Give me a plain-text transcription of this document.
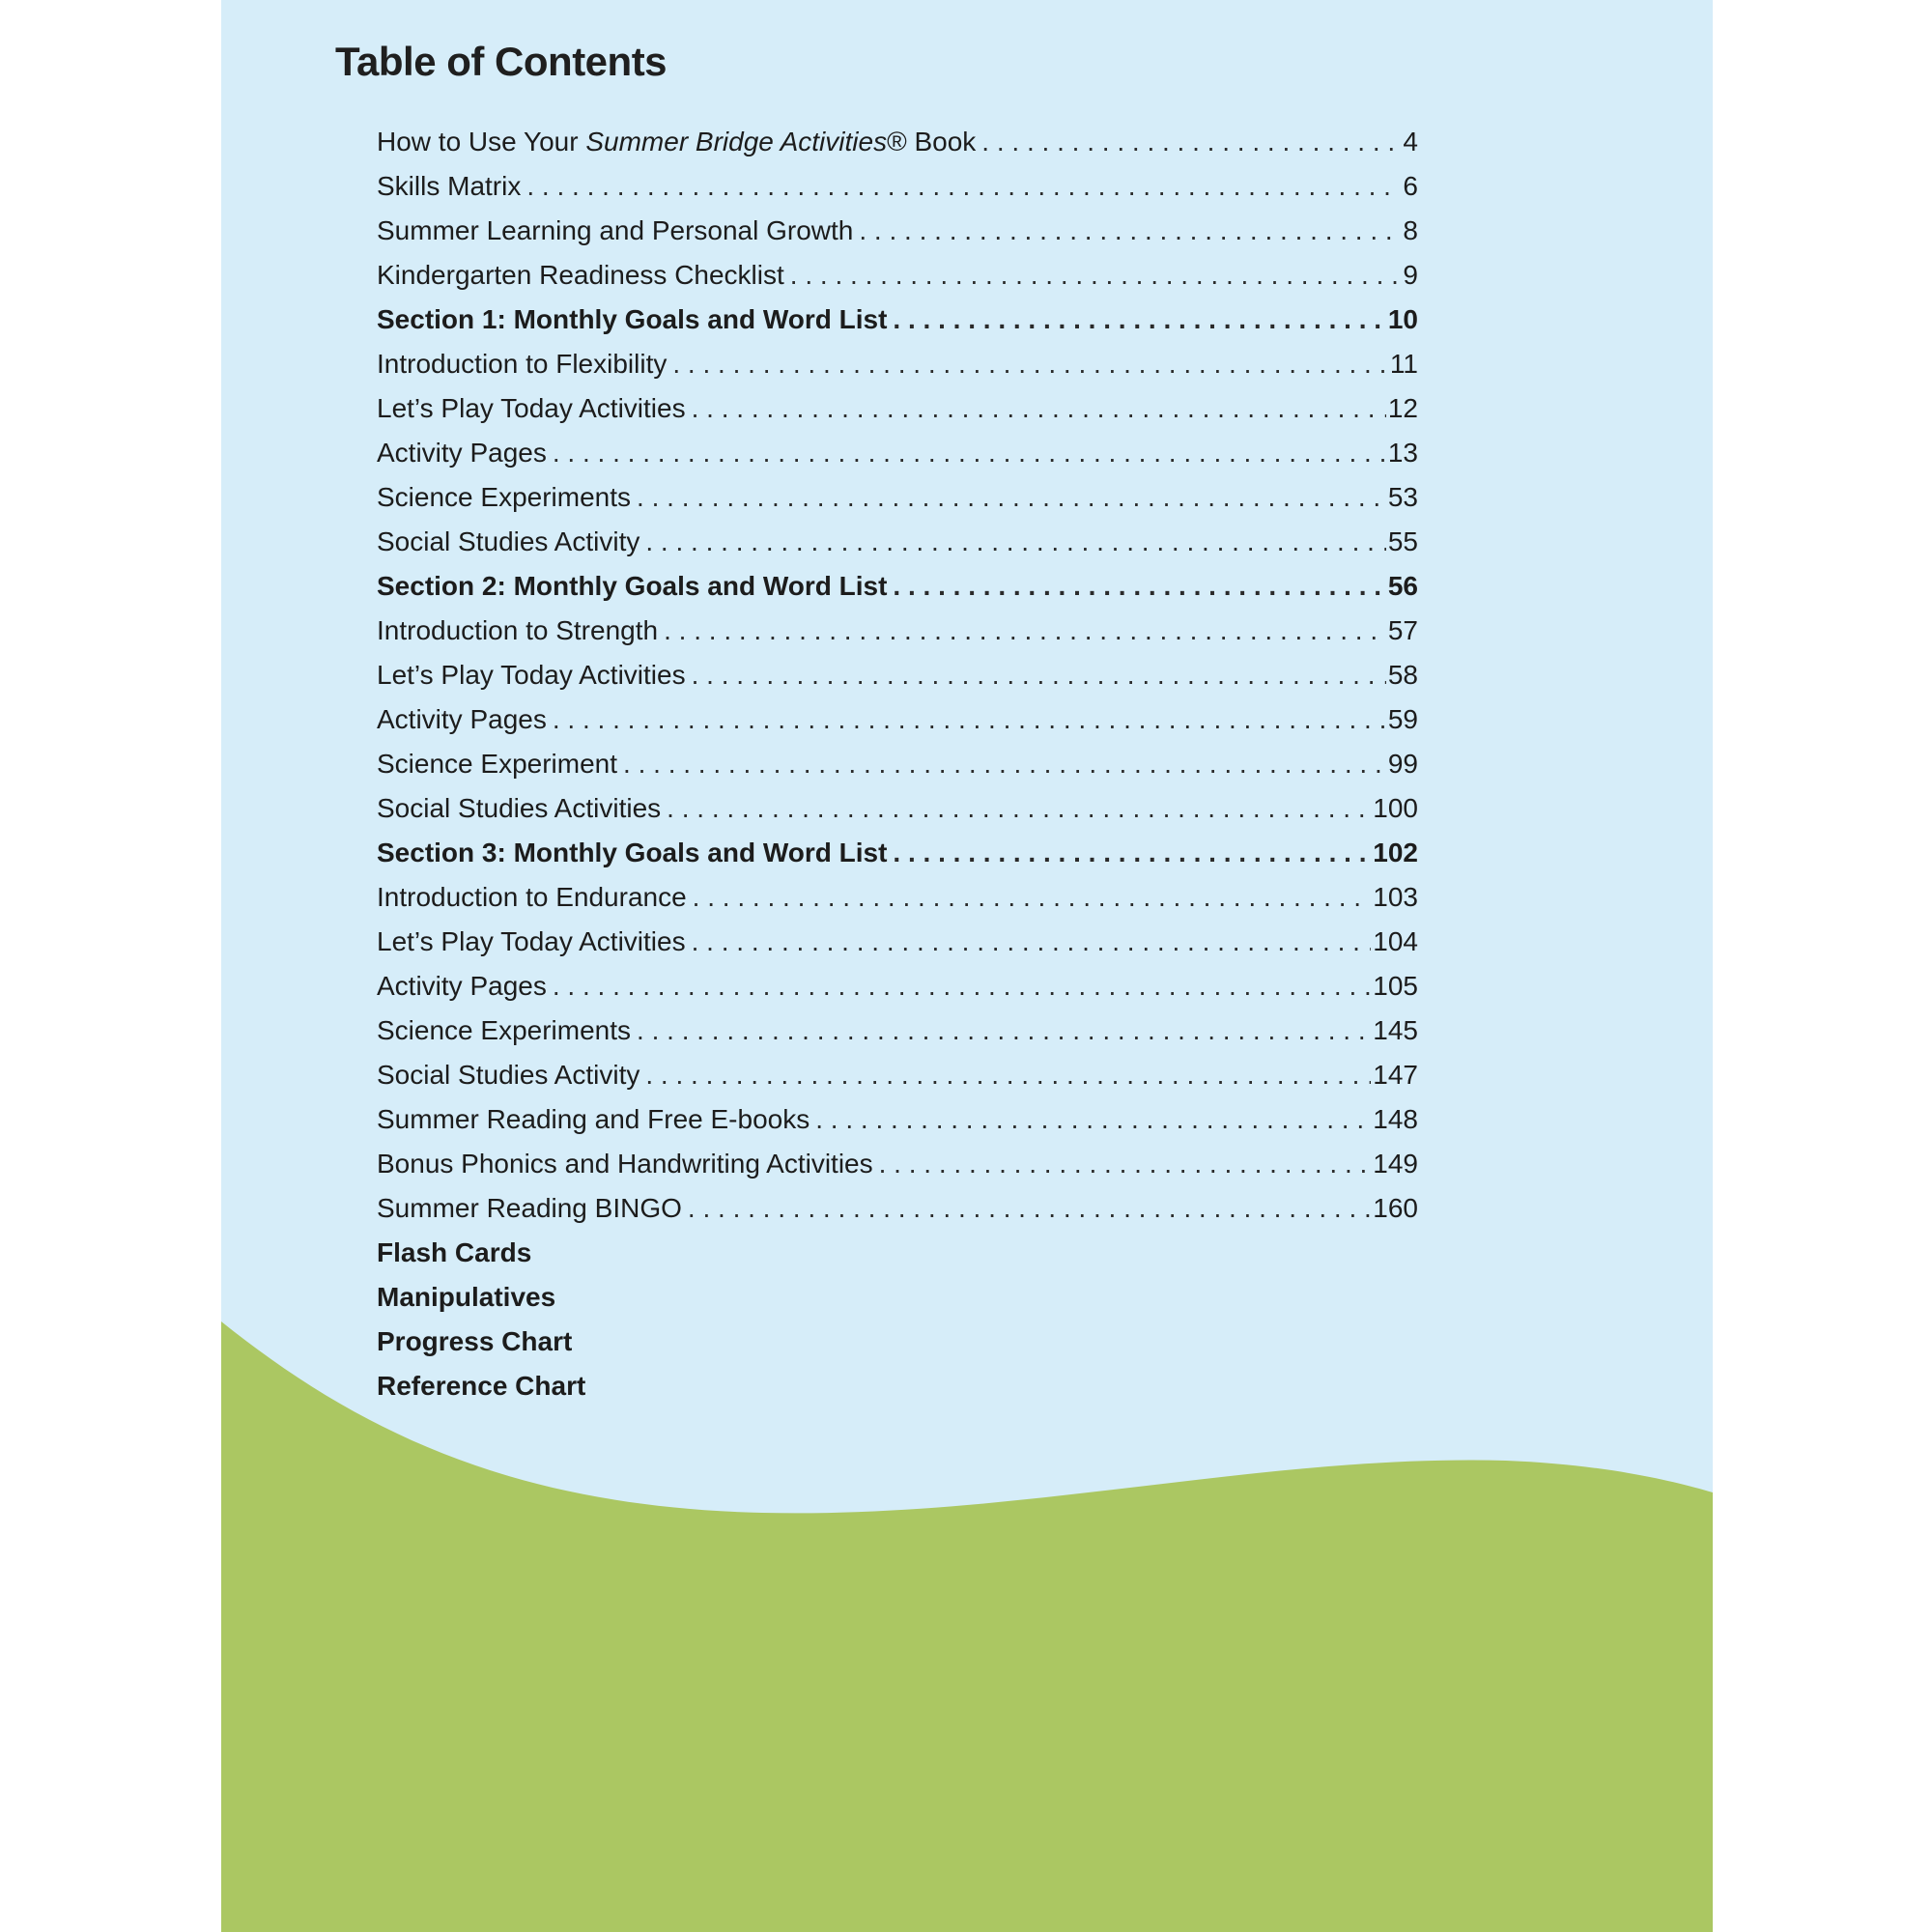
Table of Contents
How to Use Your Summer Bridge Activities® Book . . .	4
Skills Matrix . . .	6
Summer Learning and Personal Growth . . .	8
Kindergarten Readiness Checklist . . .	9
Section 1: Monthly Goals and Word List . . .	10
Introduction to Flexibility . . .	11
Let’s Play Today Activities . . .	12
Activity Pages . . .	13
Science Experiments . . .	53
Social Studies Activity . . .	55
Section 2: Monthly Goals and Word List . . .	56
Introduction to Strength . . .	57
Let’s Play Today Activities . . .	58
Activity Pages . . .	59
Science Experiment . . .	99
Social Studies Activities . . .	100
Section 3: Monthly Goals and Word List . . .	102
Introduction to Endurance . . .	103
Let’s Play Today Activities . . .	104
Activity Pages . . .	105
Science Experiments . . .	145
Social Studies Activity . . .	147
Summer Reading and Free E-books . . .	148
Bonus Phonics and Handwriting Activities . . .	149
Summer Reading BINGO . . .	160
Flash Cards
Manipulatives
Progress Chart
Reference Chart
